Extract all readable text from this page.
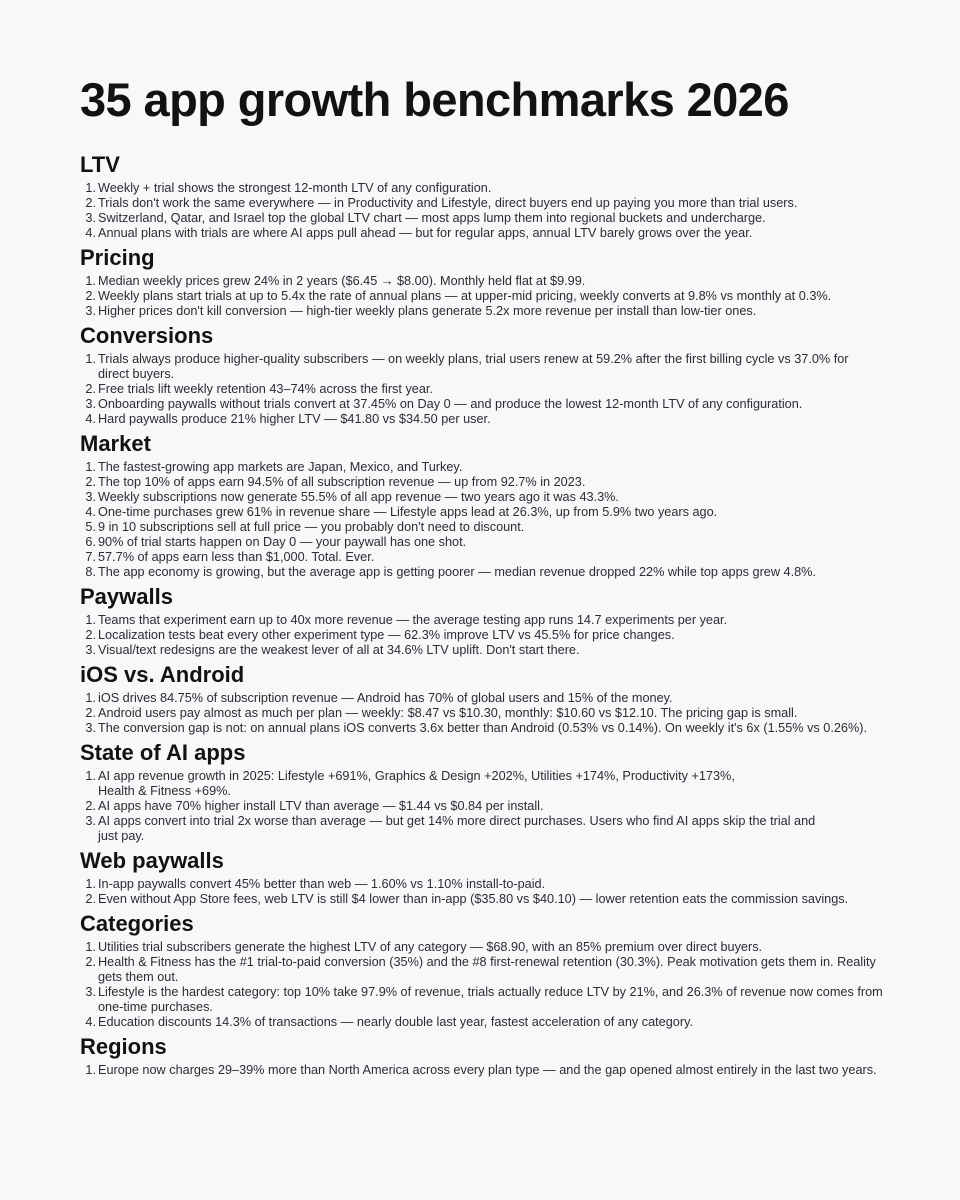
35 app growth benchmarks 2026
LTV
1. Weekly + trial shows the strongest 12-month LTV of any configuration.
2. Trials don't work the same everywhere — in Productivity and Lifestyle, direct buyers end up paying you more than trial users.
3. Switzerland, Qatar, and Israel top the global LTV chart — most apps lump them into regional buckets and undercharge.
4. Annual plans with trials are where AI apps pull ahead — but for regular apps, annual LTV barely grows over the year.
Pricing
1. Median weekly prices grew 24% in 2 years ($6.45 → $8.00). Monthly held flat at $9.99.
2. Weekly plans start trials at up to 5.4x the rate of annual plans — at upper-mid pricing, weekly converts at 9.8% vs monthly at 0.3%.
3. Higher prices don't kill conversion — high-tier weekly plans generate 5.2x more revenue per install than low-tier ones.
Conversions
1. Trials always produce higher-quality subscribers — on weekly plans, trial users renew at 59.2% after the first billing cycle vs 37.0% for direct buyers.
2. Free trials lift weekly retention 43–74% across the first year.
3. Onboarding paywalls without trials convert at 37.45% on Day 0 — and produce the lowest 12-month LTV of any configuration.
4. Hard paywalls produce 21% higher LTV — $41.80 vs $34.50 per user.
Market
1. The fastest-growing app markets are Japan, Mexico, and Turkey.
2. The top 10% of apps earn 94.5% of all subscription revenue — up from 92.7% in 2023.
3. Weekly subscriptions now generate 55.5% of all app revenue — two years ago it was 43.3%.
4. One-time purchases grew 61% in revenue share — Lifestyle apps lead at 26.3%, up from 5.9% two years ago.
5. 9 in 10 subscriptions sell at full price — you probably don't need to discount.
6. 90% of trial starts happen on Day 0 — your paywall has one shot.
7. 57.7% of apps earn less than $1,000. Total. Ever.
8. The app economy is growing, but the average app is getting poorer — median revenue dropped 22% while top apps grew 4.8%.
Paywalls
1. Teams that experiment earn up to 40x more revenue — the average testing app runs 14.7 experiments per year.
2. Localization tests beat every other experiment type — 62.3% improve LTV vs 45.5% for price changes.
3. Visual/text redesigns are the weakest lever of all at 34.6% LTV uplift. Don't start there.
iOS vs. Android
1. iOS drives 84.75% of subscription revenue — Android has 70% of global users and 15% of the money.
2. Android users pay almost as much per plan — weekly: $8.47 vs $10.30, monthly: $10.60 vs $12.10. The pricing gap is small.
3. The conversion gap is not: on annual plans iOS converts 3.6x better than Android (0.53% vs 0.14%). On weekly it's 6x (1.55% vs 0.26%).
State of AI apps
1. AI app revenue growth in 2025: Lifestyle +691%, Graphics & Design +202%, Utilities +174%, Productivity +173%, Health & Fitness +69%.
2. AI apps have 70% higher install LTV than average — $1.44 vs $0.84 per install.
3. AI apps convert into trial 2x worse than average — but get 14% more direct purchases. Users who find AI apps skip the trial and just pay.
Web paywalls
1. In-app paywalls convert 45% better than web — 1.60% vs 1.10% install-to-paid.
2. Even without App Store fees, web LTV is still $4 lower than in-app ($35.80 vs $40.10) — lower retention eats the commission savings.
Categories
1. Utilities trial subscribers generate the highest LTV of any category — $68.90, with an 85% premium over direct buyers.
2. Health & Fitness has the #1 trial-to-paid conversion (35%) and the #8 first-renewal retention (30.3%). Peak motivation gets them in. Reality gets them out.
3. Lifestyle is the hardest category: top 10% take 97.9% of revenue, trials actually reduce LTV by 21%, and 26.3% of revenue now comes from one-time purchases.
4. Education discounts 14.3% of transactions — nearly double last year, fastest acceleration of any category.
Regions
1. Europe now charges 29–39% more than North America across every plan type — and the gap opened almost entirely in the last two years.
